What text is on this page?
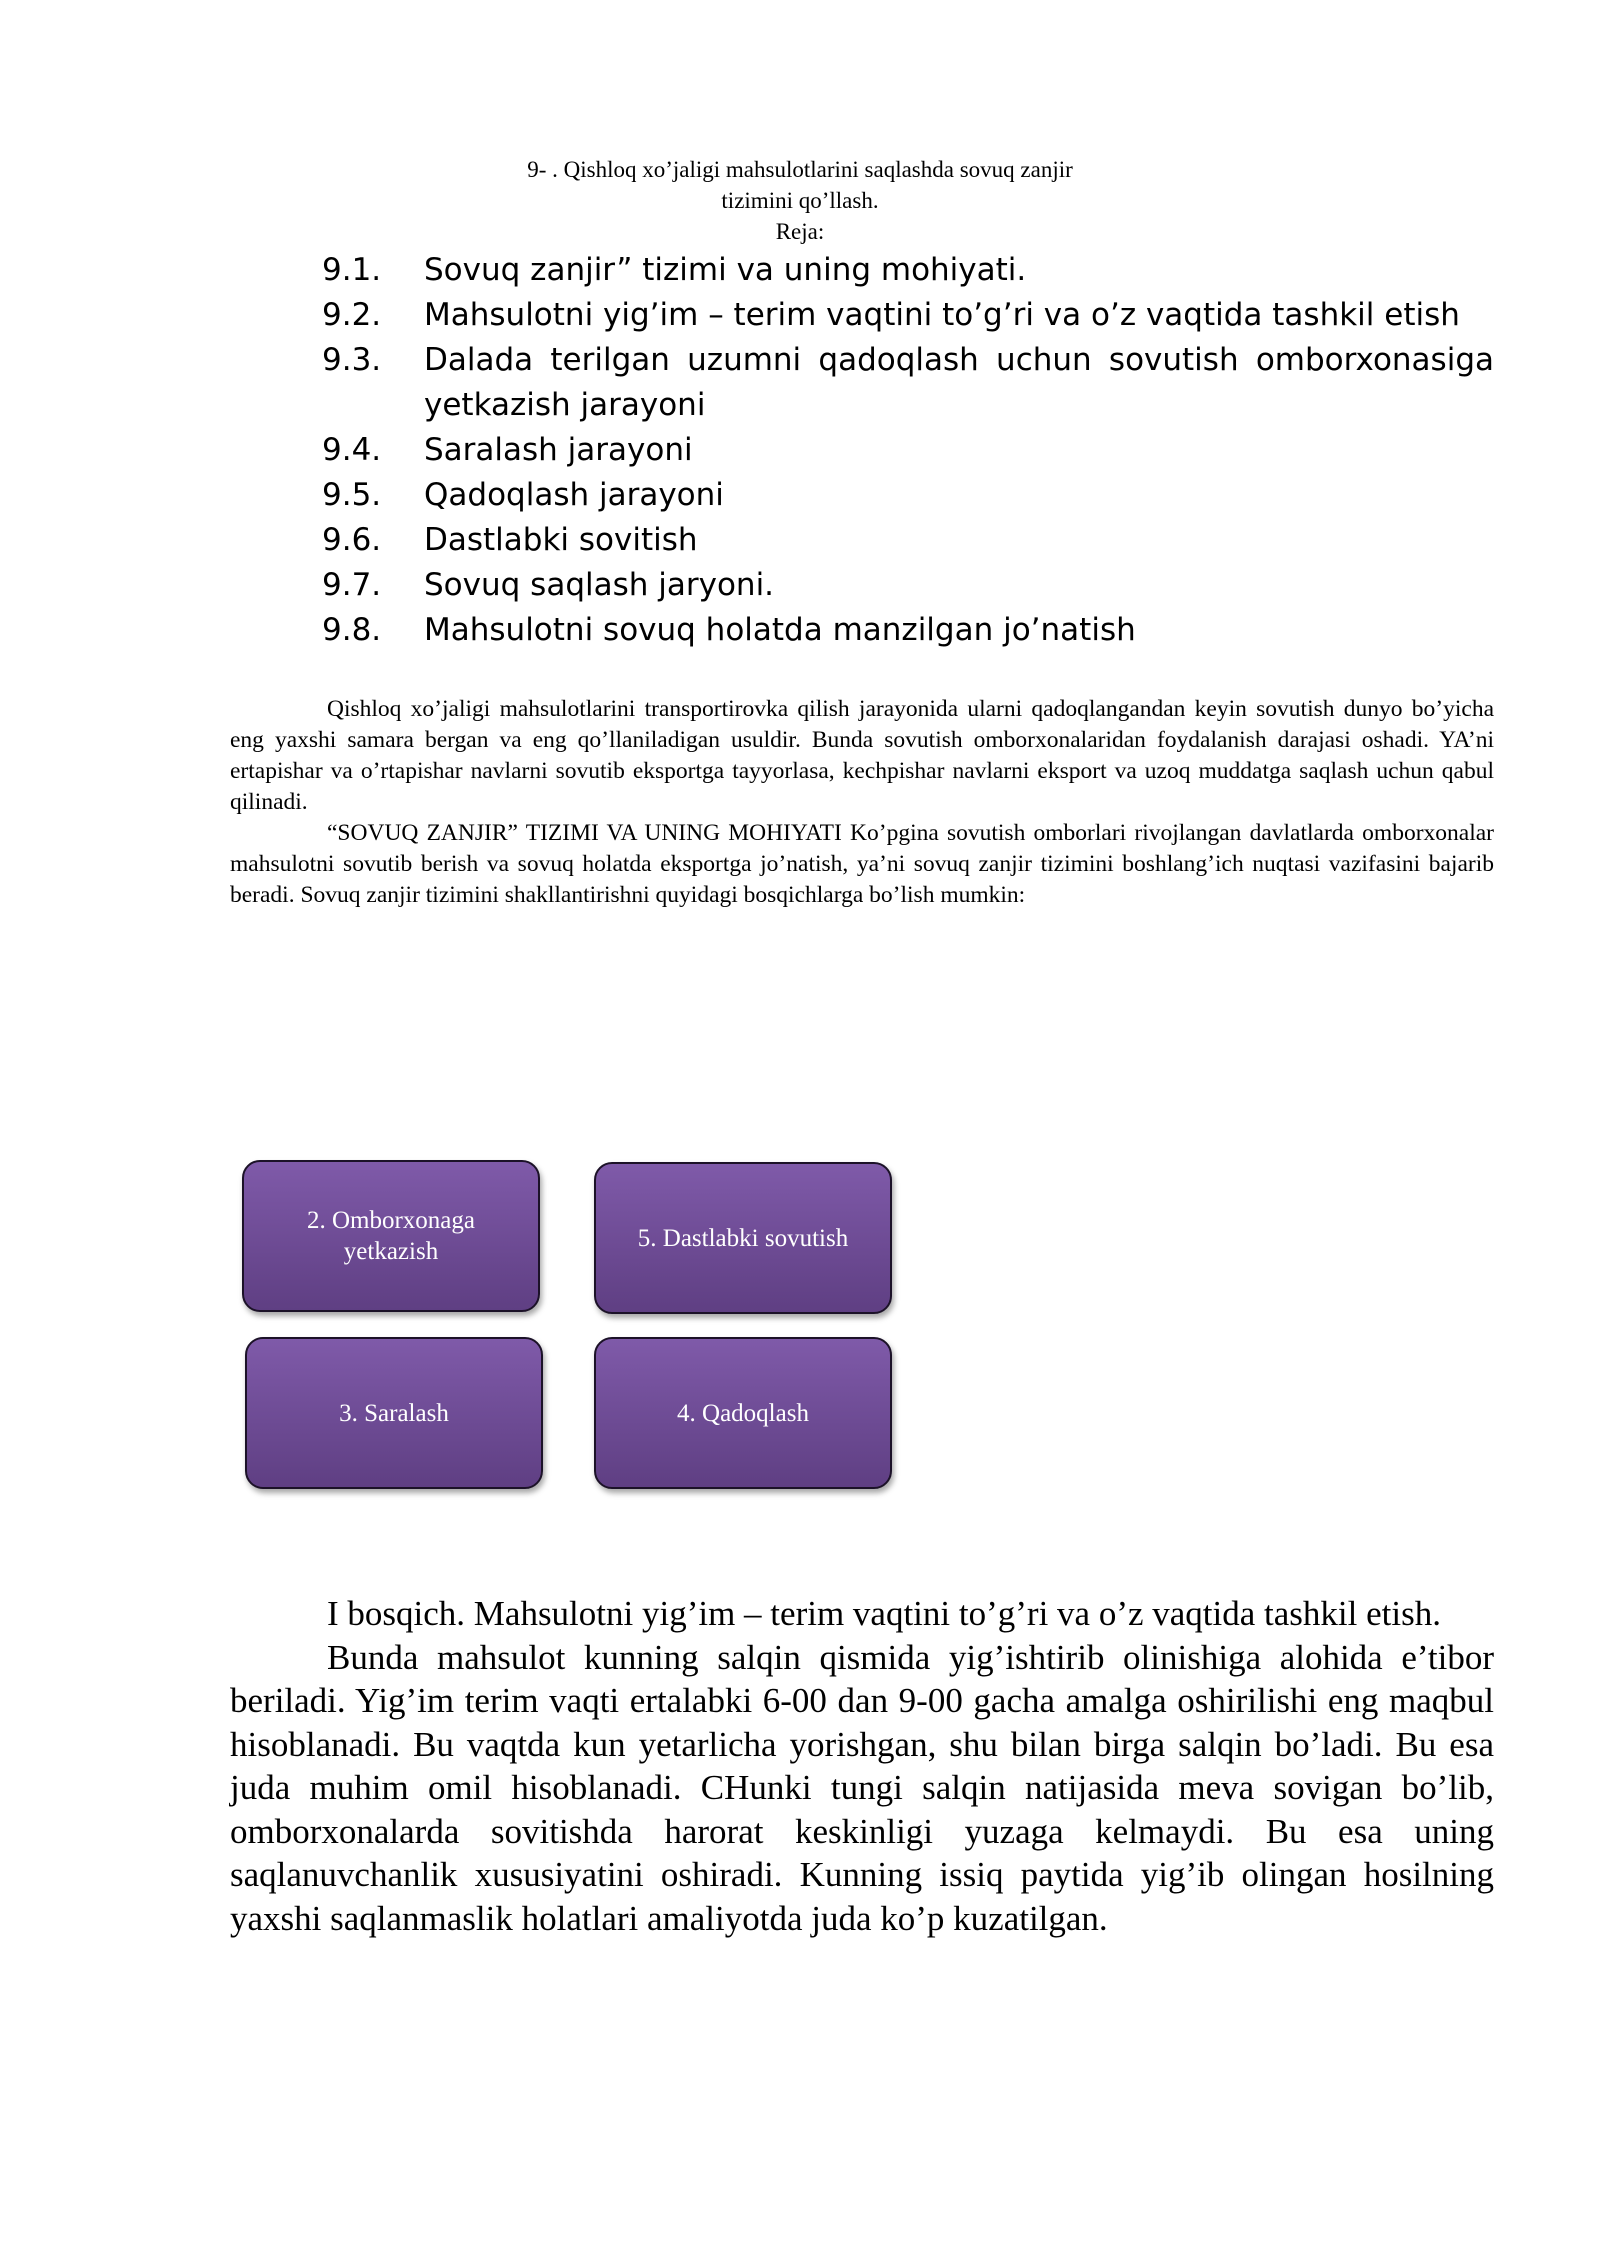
9- . Qishloq xo’jaligi mahsulotlarini saqlashda sovuq zanjir
tizimini qo’llash.
Reja:
9.1.	Sovuq zanjir” tizimi va uning mohiyati.
9.2.	Mahsulotni yig’im – terim vaqtini to’g’ri va o’z vaqtida tashkil etish
9.3.	Dalada terilgan uzumni qadoqlash uchun sovutish omborxonasiga yetkazish jarayoni
9.4.	Saralash jarayoni
9.5.	Qadoqlash jarayoni
9.6.	Dastlabki sovitish
9.7.	Sovuq saqlash jaryoni.
9.8.	Mahsulotni sovuq holatda manzilgan jo’natish

Qishloq xo’jaligi mahsulotlarini transportirovka qilish jarayonida ularni qadoqlangandan keyin sovutish dunyo bo’yicha eng yaxshi samara bergan va eng qo’llaniladigan usuldir. Bunda sovutish omborxonalaridan foydalanish darajasi oshadi. YA’ni ertapishar va o’rtapishar navlarni sovutib eksportga tayyorlasa, kechpishar navlarni eksport va uzoq muddatga saqlash uchun qabul qilinadi.

“SOVUQ ZANJIR” TIZIMI VA UNING MOHIYATI Ko’pgina sovutish omborlari rivojlangan davlatlarda omborxonalar mahsulotni sovutib berish va sovuq holatda eksportga jo’natish, ya’ni sovuq zanjir tizimini boshlang’ich nuqtasi vazifasini bajarib beradi. Sovuq zanjir tizimini shakllantirishni quyidagi bosqichlarga bo’lish mumkin:

2. Omborxonaga yetkazish	5. Dastlabki sovutish
3. Saralash	4. Qadoqlash

I bosqich. Mahsulotni yig’im – terim vaqtini to’g’ri va o’z vaqtida tashkil etish.

Bunda mahsulot kunning salqin qismida yig’ishtirib olinishiga alohida e’tibor beriladi. Yig’im terim vaqti ertalabki 6-00 dan 9-00 gacha amalga oshirilishi eng maqbul hisoblanadi. Bu vaqtda kun yetarlicha yorishgan, shu bilan birga salqin bo’ladi. Bu esa juda muhim omil hisoblanadi. CHunki tungi salqin natijasida meva sovigan bo’lib, omborxonalarda sovitishda harorat keskinligi yuzaga kelmaydi. Bu esa uning saqlanuvchanlik xususiyatini oshiradi. Kunning issiq paytida yig’ib olingan hosilning yaxshi saqlanmaslik holatlari amaliyotda juda ko’p kuzatilgan.
